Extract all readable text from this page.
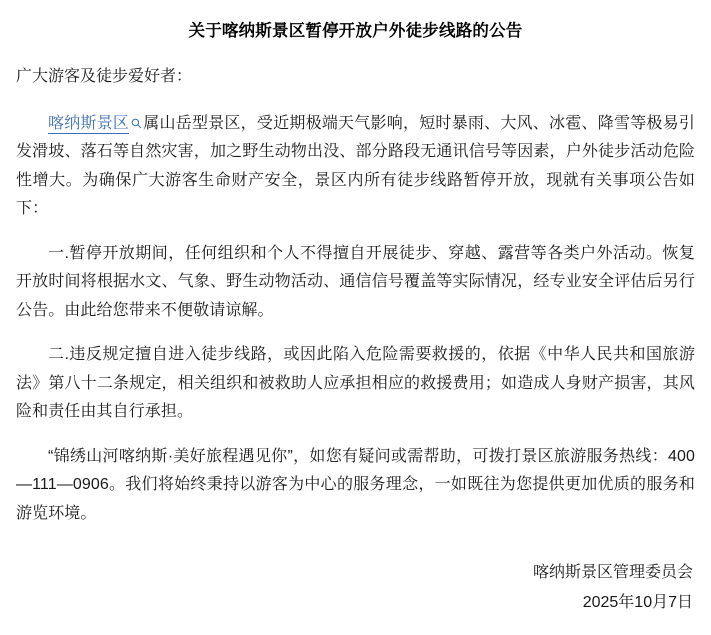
关于喀纳斯景区暂停开放户外徒步线路的公告
广大游客及徒步爱好者：

喀纳斯景区 属山岳型景区，受近期极端天气影响，短时暴雨、大风、冰雹、降雪等极易引发滑坡、落石等自然灾害，加之野生动物出没、部分路段无通讯信号等因素，户外徒步活动危险性增大。为确保广大游客生命财产安全，景区内所有徒步线路暂停开放，现就有关事项公告如下：

一.暂停开放期间，任何组织和个人不得擅自开展徒步、穿越、露营等各类户外活动。恢复开放时间将根据水文、气象、野生动物活动、通信信号覆盖等实际情况，经专业安全评估后另行公告。由此给您带来不便敬请谅解。

二.违反规定擅自进入徒步线路，或因此陷入危险需要救援的，依据《中华人民共和国旅游法》第八十二条规定，相关组织和被救助人应承担相应的救援费用；如造成人身财产损害，其风险和责任由其自行承担。

“锦绣山河喀纳斯·美好旅程遇见你”，如您有疑问或需帮助，可拨打景区旅游服务热线：400—111—0906。我们将始终秉持以游客为中心的服务理念，一如既往为您提供更加优质的服务和游览环境。

喀纳斯景区管理委员会
2025年10月7日
